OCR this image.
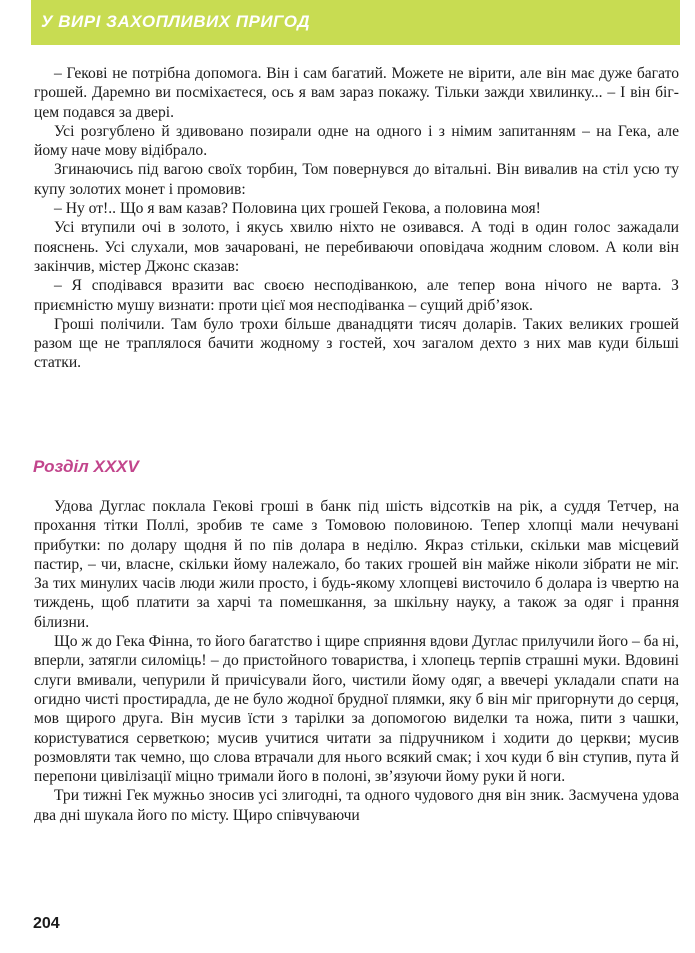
У ВИРІ ЗАХОПЛИВИХ ПРИГОД

– Гекові не потрібна допомога. Він і сам багатий. Можете не вірити, але він має дуже багато грошей. Даремно ви посміхаєтеся, ось я вам зараз покажу. Тільки зажди хвилинку... – І він бігцем подався за двері.

Усі розгублено й здивовано позирали одне на одного і з німим запитанням – на Гека, але йому наче мову відібрало.

Згинаючись під вагою своїх торбин, Том повернувся до вітальні. Він вивалив на стіл усю ту купу золотих монет і промовив:

– Ну от!.. Що я вам казав? Половина цих грошей Гекова, а половина моя!

Усі втупили очі в золото, і якусь хвилю ніхто не озивався. А тоді в один голос зажадали пояснень. Усі слухали, мов зачаровані, не перебиваючи оповідача жодним словом. А коли він закінчив, містер Джонс сказав:

– Я сподівався вразити вас своєю несподіванкою, але тепер вона нічого не варта. З приємністю мушу визнати: проти цієї моя несподіванка – сущий дріб’язок.

Гроші полічили. Там було трохи більше дванадцяти тисяч доларів. Таких великих грошей разом ще не траплялося бачити жодному з гостей, хоч загалом дехто з них мав куди більші статки.

Розділ XXXV

Удова Дуглас поклала Гекові гроші в банк під шість відсотків на рік, а суддя Тетчер, на прохання тітки Поллі, зробив те саме з Томовою половиною. Тепер хлопці мали нечувані прибутки: по долару щодня й по пів долара в неділю. Якраз стільки, скільки мав місцевий пастир, – чи, власне, скільки йому належало, бо таких грошей він майже ніколи зібрати не міг. За тих минулих часів люди жили просто, і будь-якому хлопцеві висточило б долара із чвертю на тиждень, щоб платити за харчі та помешкання, за шкільну науку, а також за одяг і прання білизни.

Що ж до Гека Фінна, то його багатство і щире сприяння вдови Дуглас прилучили його – ба ні, вперли, затягли силоміць! – до пристойного товариства, і хлопець терпів страшні муки. Вдовині слуги вмивали, чепурили й причісували його, чистили йому одяг, а ввечері укладали спати на огидно чисті простирадла, де не було жодної брудної плямки, яку б він міг пригорнути до серця, мов щирого друга. Він мусив їсти з тарілки за допомогою виделки та ножа, пити з чашки, користуватися серветкою; мусив учитися читати за підручником і ходити до церкви; мусив розмовляти так чемно, що слова втрачали для нього всякий смак; і хоч куди б він ступив, пута й перепони цивілізації міцно тримали його в полоні, зв’язуючи йому руки й ноги.

Три тижні Гек мужньо зносив усі злигодні, та одного чудового дня він зник. Засмучена удова два дні шукала його по місту. Щиро співчуваючи

204
